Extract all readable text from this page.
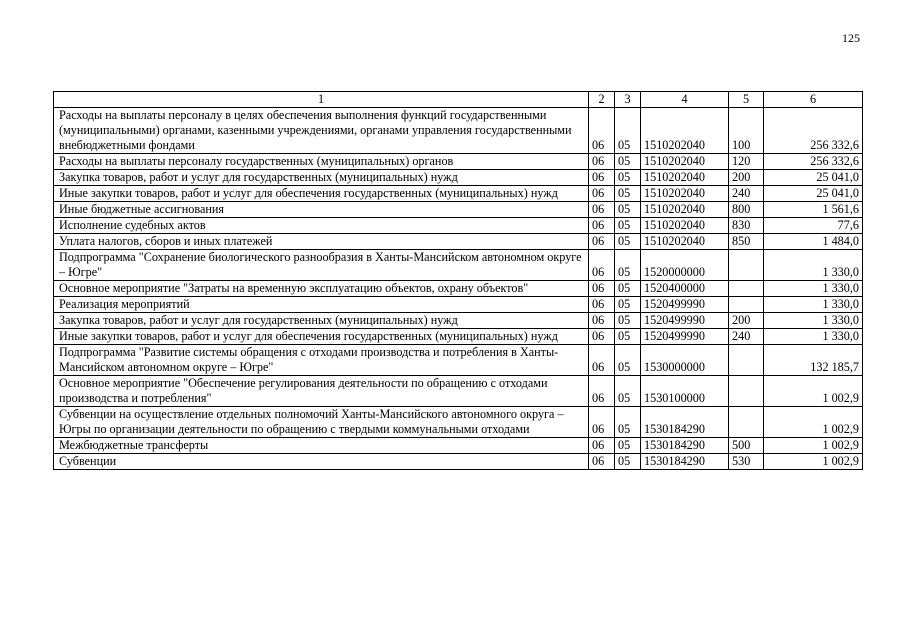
125
1	2	3	4	5	6
Расходы на выплаты персоналу в целях обеспечения выполнения функций государственными (муниципальными) органами, казенными учреждениями, органами управления государственными внебюджетными фондами	06	05	1510202040	100	256 332,6
Расходы на выплаты персоналу государственных (муниципальных) органов	06	05	1510202040	120	256 332,6
Закупка товаров, работ и услуг для государственных (муниципальных) нужд	06	05	1510202040	200	25 041,0
Иные закупки товаров, работ и услуг для обеспечения государственных (муниципальных) нужд	06	05	1510202040	240	25 041,0
Иные бюджетные ассигнования	06	05	1510202040	800	1 561,6
Исполнение судебных актов	06	05	1510202040	830	77,6
Уплата налогов, сборов и иных платежей	06	05	1510202040	850	1 484,0
Подпрограмма "Сохранение биологического разнообразия в Ханты-Мансийском автономном округе – Югре"	06	05	1520000000		1 330,0
Основное мероприятие "Затраты на временную эксплуатацию объектов, охрану объектов"	06	05	1520400000		1 330,0
Реализация мероприятий	06	05	1520499990		1 330,0
Закупка товаров, работ и услуг для государственных (муниципальных) нужд	06	05	1520499990	200	1 330,0
Иные закупки товаров, работ и услуг для обеспечения государственных (муниципальных) нужд	06	05	1520499990	240	1 330,0
Подпрограмма "Развитие системы обращения с отходами производства и потребления в Ханты-Мансийском автономном округе – Югре"	06	05	1530000000		132 185,7
Основное мероприятие "Обеспечение регулирования деятельности по обращению с отходами производства и потребления"	06	05	1530100000		1 002,9
Субвенции на осуществление отдельных полномочий Ханты-Мансийского автономного округа – Югры по организации деятельности по обращению с твердыми коммунальными отходами	06	05	1530184290		1 002,9
Межбюджетные трансферты	06	05	1530184290	500	1 002,9
Субвенции	06	05	1530184290	530	1 002,9
